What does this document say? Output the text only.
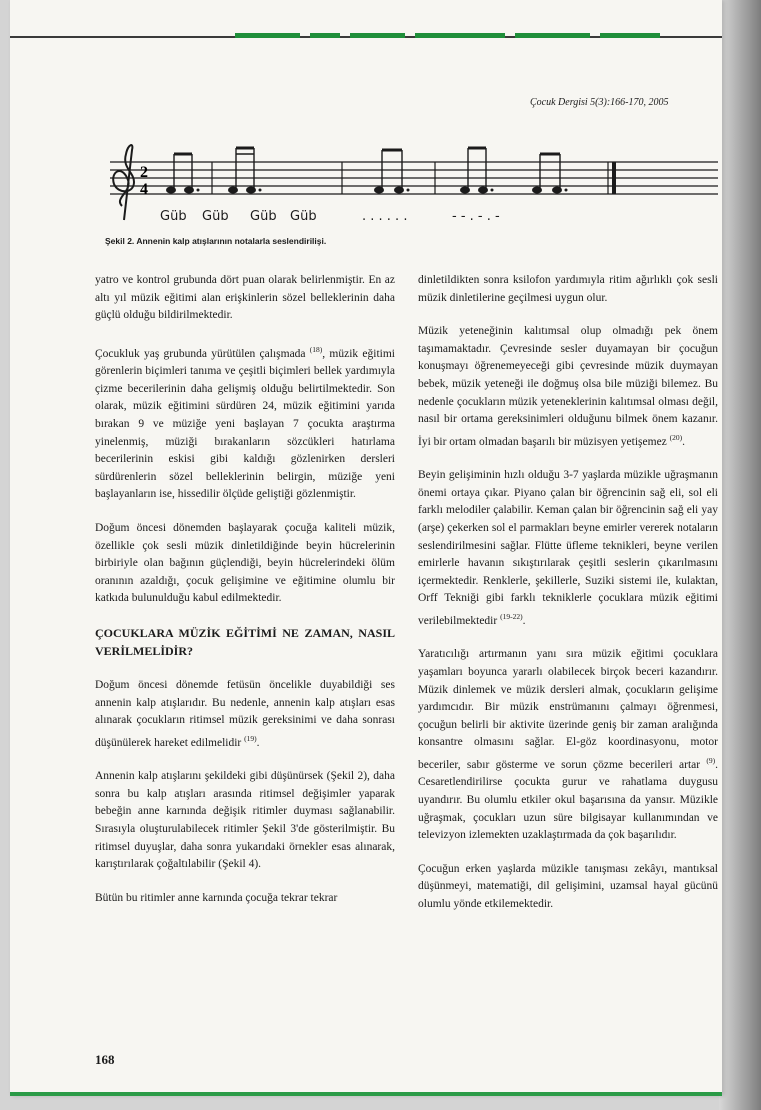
Çocuk Dergisi 5(3):166-170, 2005
2
4
Güb Güb Güb Güb	. . . . . .	- - . - . -
Şekil 2. Annenin kalp atışlarının notalarla seslendirilişi.

yatro ve kontrol grubunda dört puan olarak belirlenmiştir. En az altı yıl müzik eğitimi alan erişkinlerin sözel belleklerinin daha güçlü olduğu bildirilmektedir.

Çocukluk yaş grubunda yürütülen çalışmada $^{(18)}$, müzik eğitimi görenlerin biçimleri tanıma ve çeşitli biçimleri bellek yardımıyla çizme becerilerinin daha gelişmiş olduğu belirtilmektedir. Son olarak, müzik eğitimini sürdüren 24, müzik eğitimini yarıda bırakan 9 ve müziğe yeni başlayan 7 çocukta araştırma yinelenmiş, müziği bırakanların sözcükleri hatırlama becerilerinin eskisi gibi kaldığı gözlenirken dersleri sürdürenlerin sözel belleklerinin belirgin, müziğe yeni başlayanların ise, hissedilir ölçüde geliştiği gözlenmiştir.

Doğum öncesi dönemden başlayarak çocuğa kaliteli müzik, özellikle çok sesli müzik dinletildiğinde beyin hücrelerinin birbiriyle olan bağının güçlendiği, beyin hücrelerindeki ölüm oranının azaldığı, çocuk gelişimine ve eğitimine olumlu bir katkıda bulunulduğu kabul edilmektedir.

ÇOCUKLARA MÜZİK EĞİTİMİ NE ZAMAN, NASIL VERİLMELİDİR?

Doğum öncesi dönemde fetüsün öncelikle duyabildiği ses annenin kalp atışlarıdır. Bu nedenle, annenin kalp atışları esas alınarak çocukların ritimsel müzik gereksinimi ve daha sonrası düşünülerek hareket edilmelidir $^{(19)}$.

Annenin kalp atışlarını şekildeki gibi düşünürsek (Şekil 2), daha sonra bu kalp atışları arasında ritimsel değişimler yaparak bebeğin anne karnında değişik ritimler duyması sağlanabilir. Sırasıyla oluşturulabilecek ritimler Şekil 3'de gösterilmiştir. Bu ritimsel duyuşlar, daha sonra yukarıdaki örnekler esas alınarak, karıştırılarak çoğaltılabilir (Şekil 4).

Bütün bu ritimler anne karnında çocuğa tekrar tekrar

dinletildikten sonra ksilofon yardımıyla ritim ağırlıklı çok sesli müzik dinletilerine geçilmesi uygun olur.

Müzik yeteneğinin kalıtımsal olup olmadığı pek önem taşımamaktadır. Çevresinde sesler duyamayan bir çocuğun konuşmayı öğrenemeyeceği gibi çevresinde müzik duymayan bebek, müzik yeteneği ile doğmuş olsa bile müziği bilemez. Bu nedenle çocukların müzik yeteneklerinin kalıtımsal olması değil, nasıl bir ortama gereksinimleri olduğunu bilmek önem kazanır. İyi bir ortam olmadan başarılı bir müzisyen yetişemez $^{(20)}$.

Beyin gelişiminin hızlı olduğu 3-7 yaşlarda müzikle uğraşmanın önemi ortaya çıkar. Piyano çalan bir öğrencinin sağ eli, sol eli farklı melodiler çalabilir. Keman çalan bir öğrencinin sağ eli yay (arşe) çekerken sol el parmakları beyne emirler vererek notaların seslendirilmesini sağlar. Flütte üfleme teknikleri, beyne verilen emirlerle havanın sıkıştırılarak çeşitli seslerin çıkarılmasını içermektedir. Renklerle, şekillerle, Suziki sistemi ile, kulaktan, Orff Tekniği gibi farklı tekniklerle çocuklara müzik eğitimi verilebilmektedir $^{(19-22)}$.

Yaratıcılığı artırmanın yanı sıra müzik eğitimi çocuklara yaşamları boyunca yararlı olabilecek birçok beceri kazandırır. Müzik dinlemek ve müzik dersleri almak, çocukların gelişime yardımcıdır. Bir müzik enstrümanını çalmayı öğrenmesi, çocuğun belirli bir aktivite üzerinde geniş bir zaman aralığında konsantre olmasını sağlar. El-göz koordinasyonu, motor beceriler, sabır gösterme ve sorun çözme becerileri artar $^{(9)}$. Cesaretlendirilirse çocukta gurur ve rahatlama duygusu uyandırır. Bu olumlu etkiler okul başarısına da yansır. Müzikle uğraşmak, çocukları uzun süre bilgisayar kullanımından ve televizyon izlemekten uzaklaştırmada da çok başarılıdır.

Çocuğun erken yaşlarda müzikle tanışması zekâyı, mantıksal düşünmeyi, matematiği, dil gelişimini, uzamsal hayal gücünü olumlu yönde etkilemektedir.

168
